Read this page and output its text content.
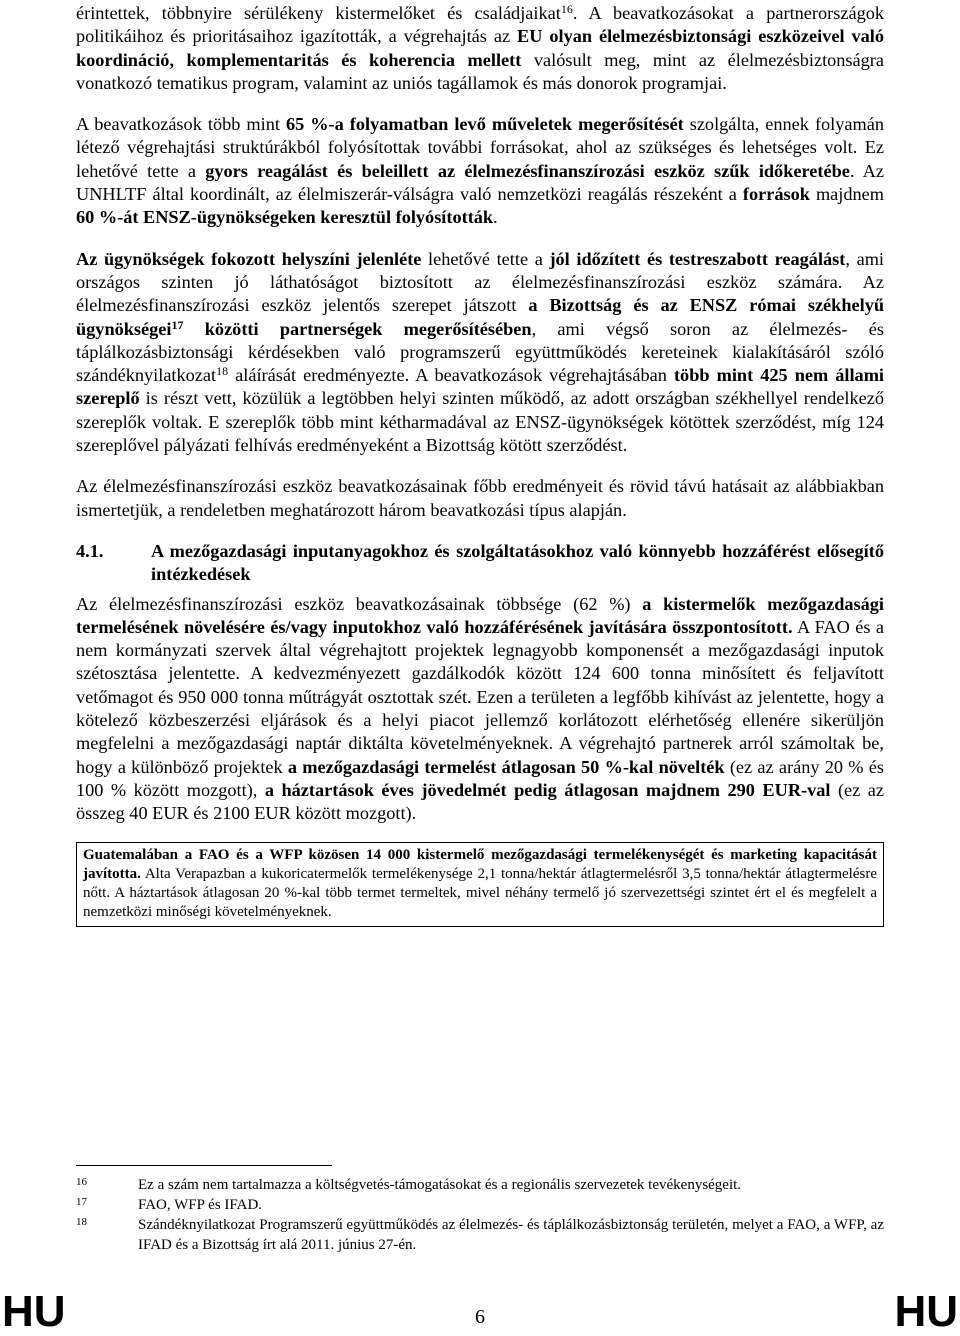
érintettek, többnyire sérülékeny kistermelőket és családjaikat$^{16}$. A beavatkozásokat a partnerországok politikáihoz és prioritásaihoz igazították, a végrehajtás az EU olyan élelmezésbiztonsági eszközeivel való koordináció, komplementaritás és koherencia mellett valósult meg, mint az élelmezésbiztonságra vonatkozó tematikus program, valamint az uniós tagállamok és más donorok programjai.

A beavatkozások több mint 65 %-a folyamatban levő műveletek megerősítését szolgálta, ennek folyamán létező végrehajtási struktúrákból folyósítottak további forrásokat, ahol az szükséges és lehetséges volt. Ez lehetővé tette a gyors reagálást és beleillett az élelmezésfinanszírozási eszköz szűk időkeretébe. Az UNHLTF által koordinált, az élelmiszerár-válságra való nemzetközi reagálás részeként a források majdnem 60 %-át ENSZ-ügynökségeken keresztül folyósították.

Az ügynökségek fokozott helyszíni jelenléte lehetővé tette a jól időzített és testreszabott reagálást, ami országos szinten jó láthatóságot biztosított az élelmezésfinanszírozási eszköz számára. Az élelmezésfinanszírozási eszköz jelentős szerepet játszott a Bizottság és az ENSZ római székhelyű ügynökségei$^{17}$ közötti partnerségek megerősítésében, ami végső soron az élelmezés- és táplálkozásbiztonsági kérdésekben való programszerű együttműködés kereteinek kialakításáról szóló szándéknyilatkozat$^{18}$ aláírását eredményezte. A beavatkozások végrehajtásában több mint 425 nem állami szereplő is részt vett, közülük a legtöbben helyi szinten működő, az adott országban székhellyel rendelkező szereplők voltak. E szereplők több mint kétharmadával az ENSZ-ügynökségek kötöttek szerződést, míg 124 szereplővel pályázati felhívás eredményeként a Bizottság kötött szerződést.

Az élelmezésfinanszírozási eszköz beavatkozásainak főbb eredményeit és rövid távú hatásait az alábbiakban ismertetjük, a rendeletben meghatározott három beavatkozási típus alapján.

4.1.	A mezőgazdasági inputanyagokhoz és szolgáltatásokhoz való könnyebb hozzáférést elősegítő intézkedések

Az élelmezésfinanszírozási eszköz beavatkozásainak többsége (62 %) a kistermelők mezőgazdasági termelésének növelésére és/vagy inputokhoz való hozzáférésének javítására összpontosított. A FAO és a nem kormányzati szervek által végrehajtott projektek legnagyobb komponensét a mezőgazdasági inputok szétosztása jelentette. A kedvezményezett gazdálkodók között 124 600 tonna minősített és feljavított vetőmagot és 950 000 tonna műtrágyát osztottak szét. Ezen a területen a legfőbb kihívást az jelentette, hogy a kötelező közbeszerzési eljárások és a helyi piacot jellemző korlátozott elérhetőség ellenére sikerüljön megfelelni a mezőgazdasági naptár diktálta követelményeknek. A végrehajtó partnerek arról számoltak be, hogy a különböző projektek a mezőgazdasági termelést átlagosan 50 %-kal növelték (ez az arány 20 % és 100 % között mozgott), a háztartások éves jövedelmét pedig átlagosan majdnem 290 EUR-val (ez az összeg 40 EUR és 2100 EUR között mozgott).

Guatemalában a FAO és a WFP közösen 14 000 kistermelő mezőgazdasági termelékenységét és marketing kapacitását javította. Alta Verapazban a kukoricatermelők termelékenysége 2,1 tonna/hektár átlagtermelésről 3,5 tonna/hektár átlagtermelésre nőtt. A háztartások átlagosan 20 %-kal több termet termeltek, mivel néhány termelő jó szervezettségi szintet ért el és megfelelt a nemzetközi minőségi követelményeknek.

16	Ez a szám nem tartalmazza a költségvetés-támogatásokat és a regionális szervezetek tevékenységeit.
17	FAO, WFP és IFAD.
18	Szándéknyilatkozat Programszerű együttműködés az élelmezés- és táplálkozásbiztonság területén, melyet a FAO, a WFP, az IFAD és a Bizottság írt alá 2011. június 27-én.
HU	6	HU
